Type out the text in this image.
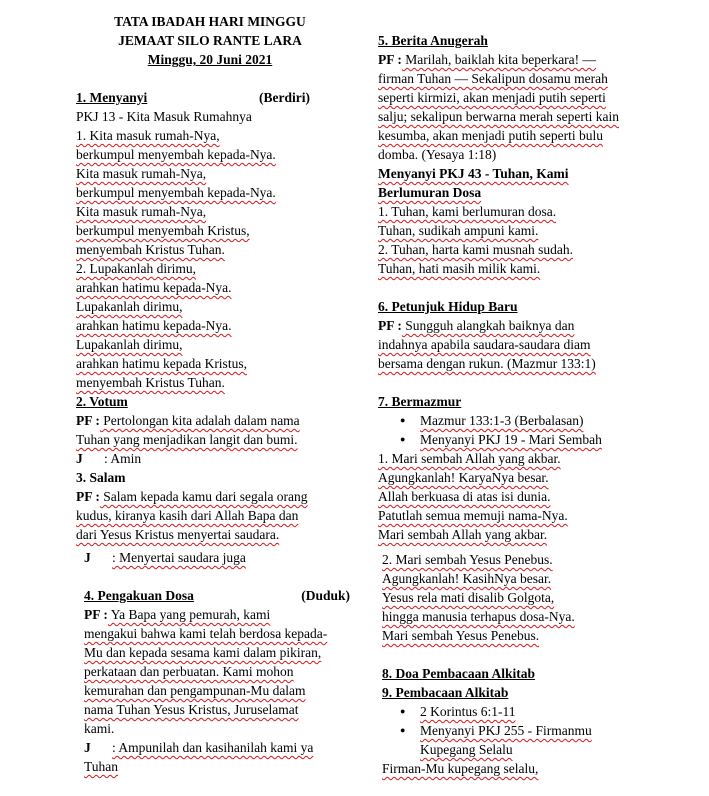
TATA IBADAH HARI MINGGU
JEMAAT SILO RANTE LARA
Minggu, 20 Juni 2021
1. Menyanyi	(Berdiri)
PKJ 13 - Kita Masuk Rumahnya
1. Kita masuk rumah-Nya,
berkumpul menyembah kepada-Nya.
Kita masuk rumah-Nya,
berkumpul menyembah kepada-Nya.
Kita masuk rumah-Nya,
berkumpul menyembah Kristus,
menyembah Kristus Tuhan.
2. Lupakanlah dirimu,
arahkan hatimu kepada-Nya.
Lupakanlah dirimu,
arahkan hatimu kepada-Nya.
Lupakanlah dirimu,
arahkan hatimu kepada Kristus,
menyembah Kristus Tuhan.
2. Votum
PF : Pertolongan kita adalah dalam nama
Tuhan yang menjadikan langit dan bumi.
J : Amin
3. Salam
PF : Salam kepada kamu dari segala orang
kudus, kiranya kasih dari Allah Bapa dan
dari Yesus Kristus menyertai saudara.
J : Menyertai saudara juga
4. Pengakuan Dosa	(Duduk)
PF : Ya Bapa yang pemurah, kami
mengakui bahwa kami telah berdosa kepada-
Mu dan kepada sesama kami dalam pikiran,
perkataan dan perbuatan. Kami mohon
kemurahan dan pengampunan-Mu dalam
nama Tuhan Yesus Kristus, Juruselamat
kami.
J : Ampunilah dan kasihanilah kami ya
Tuhan
5. Berita Anugerah
PF : Marilah, baiklah kita beperkara! —
firman Tuhan — Sekalipun dosamu merah
seperti kirmizi, akan menjadi putih seperti
salju; sekalipun berwarna merah seperti kain
kesumba, akan menjadi putih seperti bulu
domba. (Yesaya 1:18)
Menyanyi PKJ 43 - Tuhan, Kami
Berlumuran Dosa
1. Tuhan, kami berlumuran dosa.
Tuhan, sudikah ampuni kami.
2. Tuhan, harta kami musnah sudah.
Tuhan, hati masih milik kami.
6. Petunjuk Hidup Baru
PF : Sungguh alangkah baiknya dan
indahnya apabila saudara-saudara diam
bersama dengan rukun. (Mazmur 133:1)
7. Bermazmur
● Mazmur 133:1-3 (Berbalasan)
● Menyanyi PKJ 19 - Mari Sembah
1. Mari sembah Allah yang akbar.
Agungkanlah! KaryaNya besar.
Allah berkuasa di atas isi dunia.
Patutlah semua memuji nama-Nya.
Mari sembah Allah yang akbar.
2. Mari sembah Yesus Penebus.
Agungkanlah! KasihNya besar.
Yesus rela mati disalib Golgota,
hingga manusia terhapus dosa-Nya.
Mari sembah Yesus Penebus.
8. Doa Pembacaan Alkitab
9. Pembacaan Alkitab
● 2 Korintus 6:1-11
● Menyanyi PKJ 255 - Firmanmu
Kupegang Selalu
Firman-Mu kupegang selalu,
